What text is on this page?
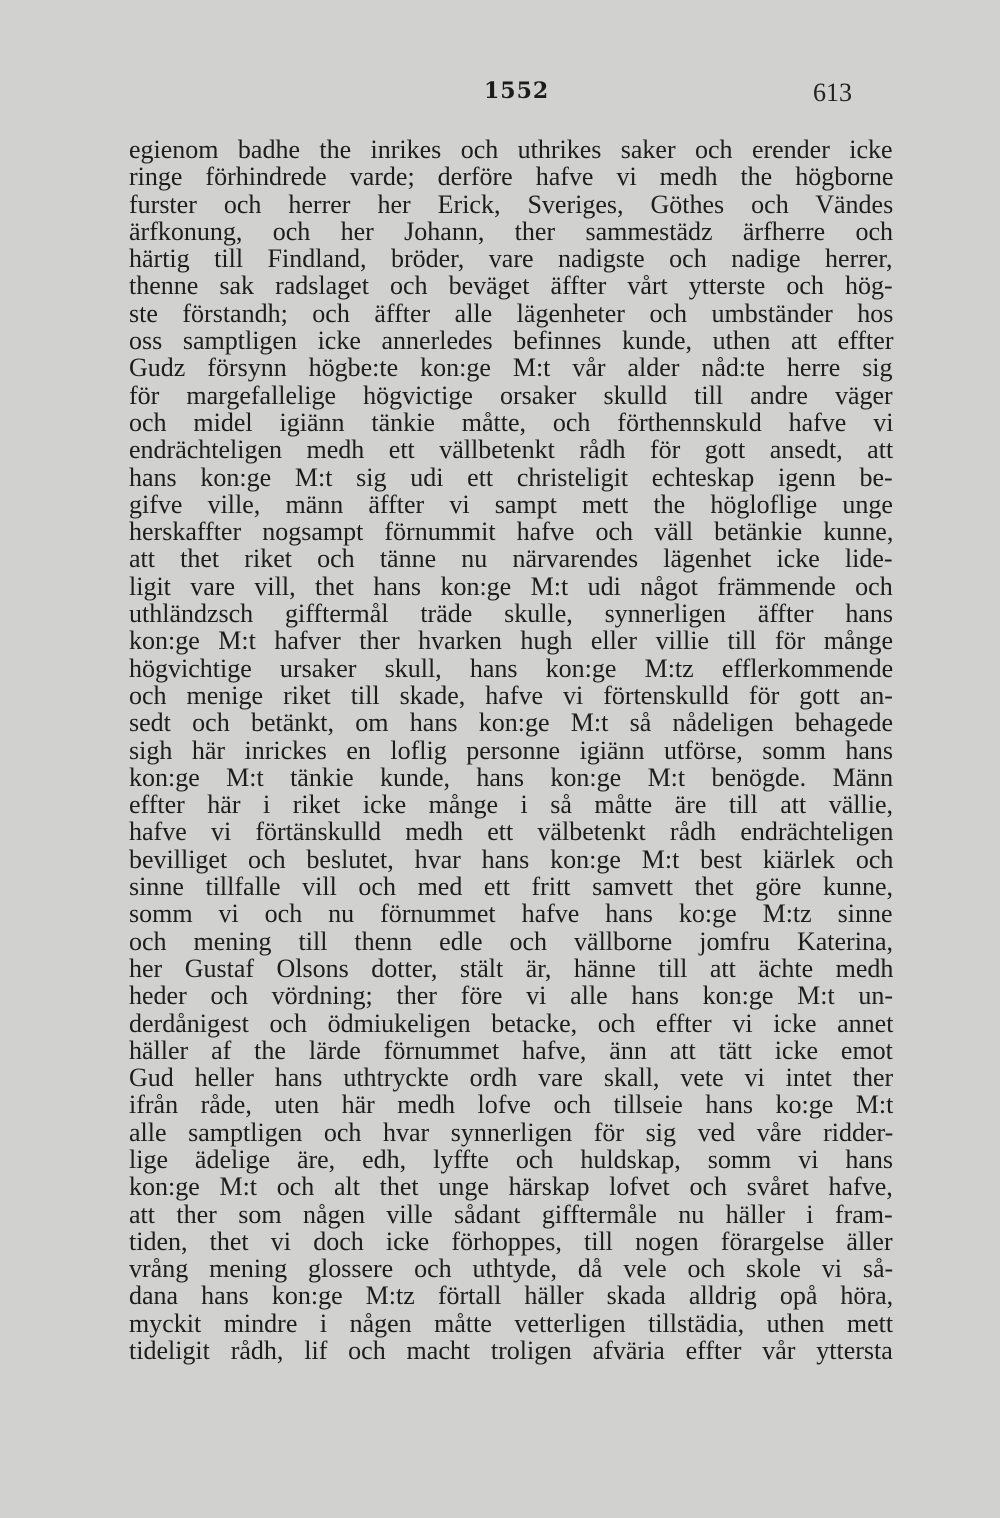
1552	613
egienom badhe the inrikes och uthrikes saker och erender icke
ringe förhindrede varde; derföre hafve vi medh the högborne
furster och herrer her Erick, Sveriges, Göthes och Vändes
ärfkonung, och her Johann, ther sammestädz ärfherre och
härtig till Findland, bröder, vare nadigste och nadige herrer,
thenne sak radslaget och beväget äffter vårt ytterste och hög-
ste förstandh; och äffter alle lägenheter och umbständer hos
oss samptligen icke annerledes befinnes kunde, uthen att effter
Gudz försynn högbe:te kon:ge M:t vår alder nåd:te herre sig
för margefallelige högvictige orsaker skulld till andre väger
och midel igiänn tänkie måtte, och förthennskuld hafve vi
endrächteligen medh ett vällbetenkt rådh för gott ansedt, att
hans kon:ge M:t sig udi ett christeligit echteskap igenn be-
gifve ville, männ äffter vi sampt mett the högloflige unge
herskaffter nogsampt förnummit hafve och väll betänkie kunne,
att thet riket och tänne nu närvarendes lägenhet icke lide-
ligit vare vill, thet hans kon:ge M:t udi något främmende och
uthländzsch gifftermål träde skulle, synnerligen äffter hans
kon:ge M:t hafver ther hvarken hugh eller villie till för månge
högvichtige ursaker skull, hans kon:ge M:tz efflerkommende
och menige riket till skade, hafve vi förtenskulld för gott an-
sedt och betänkt, om hans kon:ge M:t så nådeligen behagede
sigh här inrickes en loflig personne igiänn utförse, somm hans
kon:ge M:t tänkie kunde, hans kon:ge M:t benögde. Männ
effter här i riket icke månge i så måtte äre till att vällie,
hafve vi förtänskulld medh ett välbetenkt rådh endrächteligen
bevilliget och beslutet, hvar hans kon:ge M:t best kiärlek och
sinne tillfalle vill och med ett fritt samvett thet göre kunne,
somm vi och nu förnummet hafve hans ko:ge M:tz sinne
och mening till thenn edle och vällborne jomfru Katerina,
her Gustaf Olsons dotter, stält är, hänne till att ächte medh
heder och vördning; ther före vi alle hans kon:ge M:t un-
derdånigest och ödmiukeligen betacke, och effter vi icke annet
häller af the lärde förnummet hafve, änn att tätt icke emot
Gud heller hans uthtryckte ordh vare skall, vete vi intet ther
ifrån råde, uten här medh lofve och tillseie hans ko:ge M:t
alle samptligen och hvar synnerligen för sig ved våre ridder-
lige ädelige äre, edh, lyffte och huldskap, somm vi hans
kon:ge M:t och alt thet unge härskap lofvet och svåret hafve,
att ther som någen ville sådant gifftermåle nu häller i fram-
tiden, thet vi doch icke förhoppes, till nogen förargelse äller
vrång mening glossere och uthtyde, då vele och skole vi så-
dana hans kon:ge M:tz förtall häller skada alldrig opå höra,
myckit mindre i någen måtte vetterligen tillstädia, uthen mett
tideligit rådh, lif och macht troligen afväria effter vår yttersta
